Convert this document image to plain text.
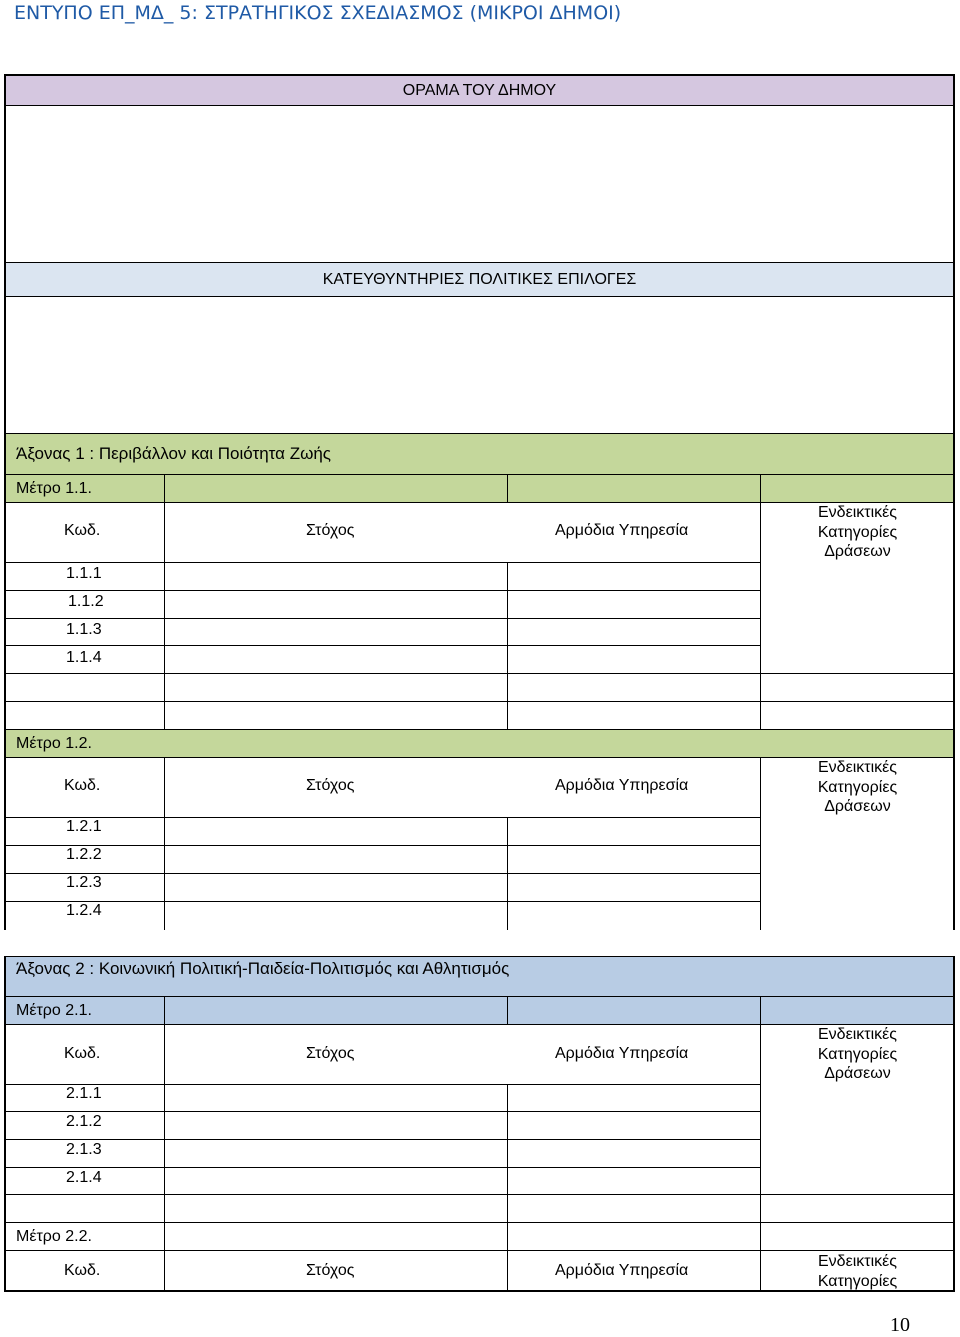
ΕΝΤΥΠΟ ΕΠ_ΜΔ_ 5: ΣΤΡΑΤΗΓΙΚΟΣ ΣΧΕΔΙΑΣΜΟΣ (ΜΙΚΡΟΙ ΔΗΜΟΙ)
ΟΡΑΜΑ ΤΟΥ ΔΗΜΟΥ
ΚΑΤΕΥΘΥΝΤΗΡΙΕΣ ΠΟΛΙΤΙΚΕΣ ΕΠΙΛΟΓΕΣ
Άξονας 1 : Περιβάλλον και Ποιότητα Ζωής
Μέτρο 1.1.
Κωδ.	Στόχος	Αρμόδια Υπηρεσία
Ενδεικτικές
Κατηγορίες
Δράσεων
1.1.1
1.1.2
1.1.3
1.1.4
Μέτρο 1.2.
Κωδ.	Στόχος	Αρμόδια Υπηρεσία
Ενδεικτικές
Κατηγορίες
Δράσεων
1.2.1
1.2.2
1.2.3
1.2.4
Άξονας 2 : Κοινωνική Πολιτική-Παιδεία-Πολιτισμός και Αθλητισμός
Μέτρο 2.1.
Κωδ.	Στόχος	Αρμόδια Υπηρεσία
Ενδεικτικές
Κατηγορίες
Δράσεων
2.1.1
2.1.2
2.1.3
2.1.4
Μέτρο 2.2.
Κωδ.	Στόχος	Αρμόδια Υπηρεσία
Ενδεικτικές
Κατηγορίες
10
